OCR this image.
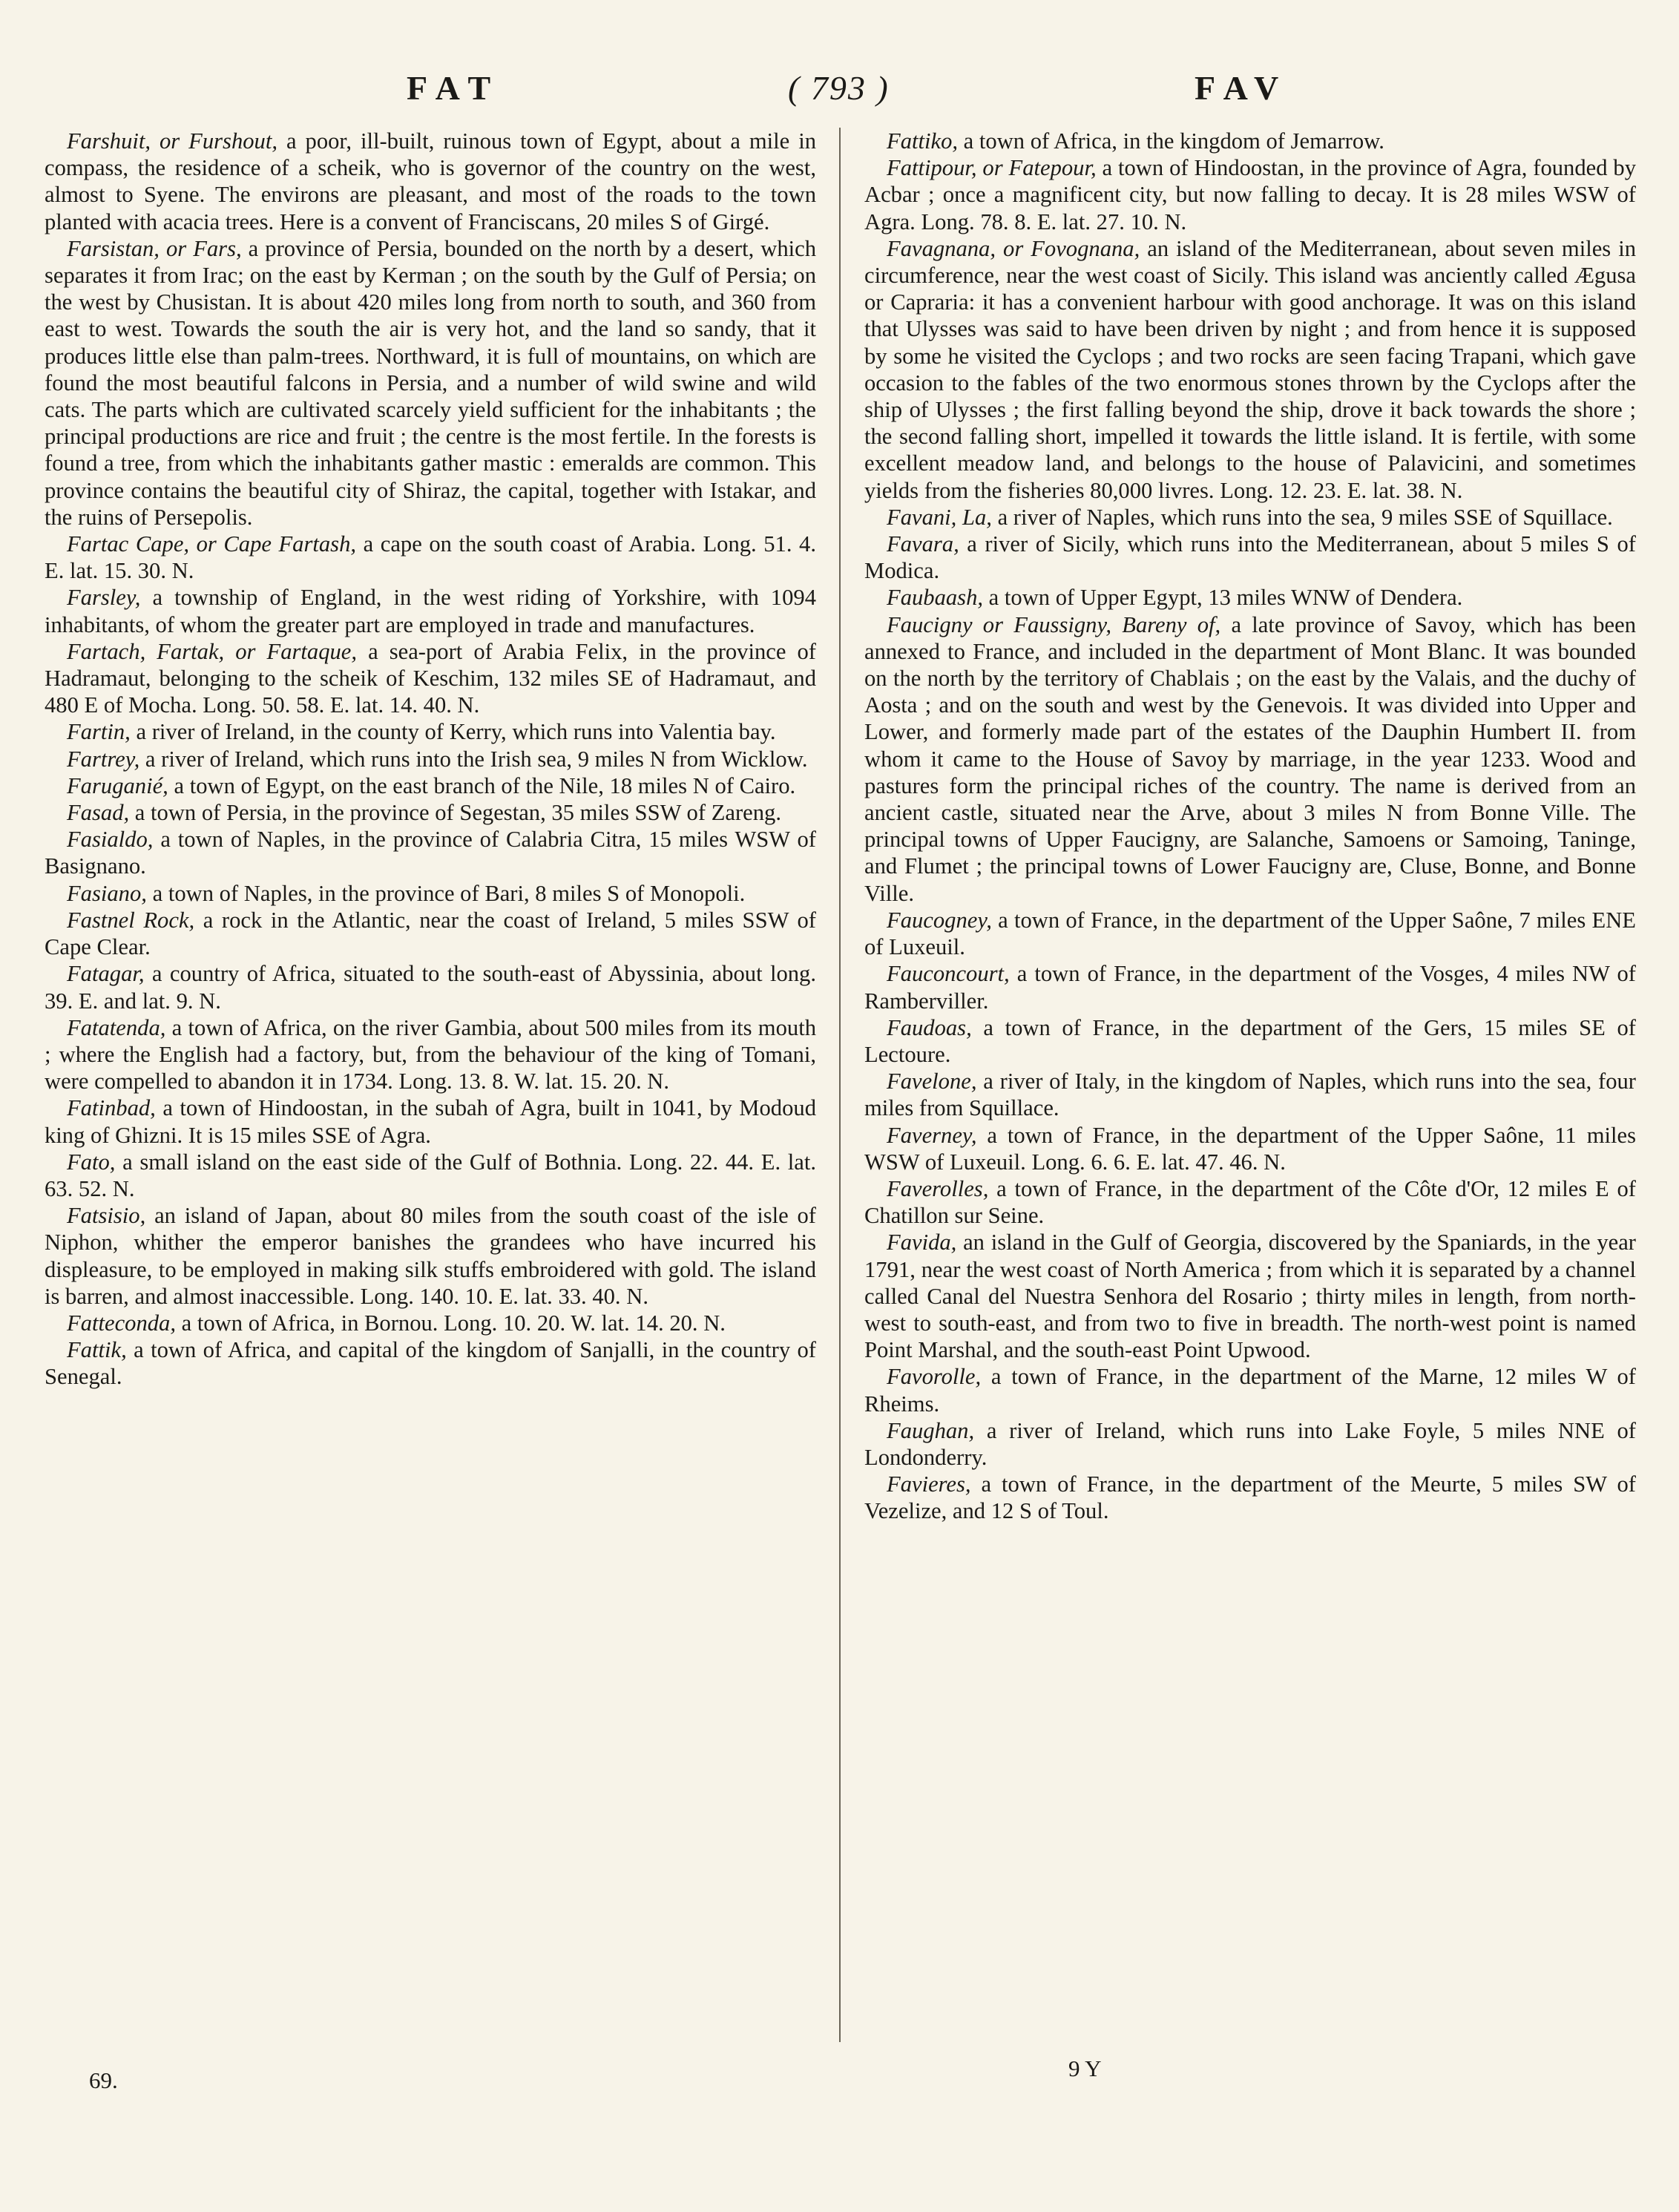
FAT	( 793 )	FAV

Farshuit, or Furshout, a poor, ill-built, ruinous town of Egypt, about a mile in compass, the residence of a scheik, who is governor of the country on the west, almost to Syene. The environs are pleasant, and most of the roads to the town planted with acacia trees. Here is a convent of Franciscans, 20 miles S of Girgé.

Farsistan, or Fars, a province of Persia, bounded on the north by a desert, which separates it from Irac; on the east by Kerman ; on the south by the Gulf of Persia; on the west by Chusistan. It is about 420 miles long from north to south, and 360 from east to west. Towards the south the air is very hot, and the land so sandy, that it produces little else than palm-trees. Northward, it is full of mountains, on which are found the most beautiful falcons in Persia, and a number of wild swine and wild cats. The parts which are cultivated scarcely yield sufficient for the inhabitants ; the principal productions are rice and fruit ; the centre is the most fertile. In the forests is found a tree, from which the inhabitants gather mastic : emeralds are common. This province contains the beautiful city of Shiraz, the capital, together with Istakar, and the ruins of Persepolis.

Fartac Cape, or Cape Fartash, a cape on the south coast of Arabia. Long. 51. 4. E. lat. 15. 30. N.

Farsley, a township of England, in the west riding of Yorkshire, with 1094 inhabitants, of whom the greater part are employed in trade and manufactures.

Fartach, Fartak, or Fartaque, a sea-port of Arabia Felix, in the province of Hadramaut, belonging to the scheik of Keschim, 132 miles SE of Hadramaut, and 480 E of Mocha. Long. 50. 58. E. lat. 14. 40. N.

Fartin, a river of Ireland, in the county of Kerry, which runs into Valentia bay.

Fartrey, a river of Ireland, which runs into the Irish sea, 9 miles N from Wicklow.

Faruganié, a town of Egypt, on the east branch of the Nile, 18 miles N of Cairo.

Fasad, a town of Persia, in the province of Segestan, 35 miles SSW of Zareng.

Fasialdo, a town of Naples, in the province of Calabria Citra, 15 miles WSW of Basignano.

Fasiano, a town of Naples, in the province of Bari, 8 miles S of Monopoli.

Fastnel Rock, a rock in the Atlantic, near the coast of Ireland, 5 miles SSW of Cape Clear.

Fatagar, a country of Africa, situated to the south-east of Abyssinia, about long. 39. E. and lat. 9. N.

Fatatenda, a town of Africa, on the river Gambia, about 500 miles from its mouth ; where the English had a factory, but, from the behaviour of the king of Tomani, were compelled to abandon it in 1734. Long. 13. 8. W. lat. 15. 20. N.

Fatinbad, a town of Hindoostan, in the subah of Agra, built in 1041, by Modoud king of Ghizni. It is 15 miles SSE of Agra.

Fato, a small island on the east side of the Gulf of Bothnia. Long. 22. 44. E. lat. 63. 52. N.

Fatsisio, an island of Japan, about 80 miles from the south coast of the isle of Niphon, whither the emperor banishes the grandees who have incurred his displeasure, to be employed in making silk stuffs embroidered with gold. The island is barren, and almost inaccessible. Long. 140. 10. E. lat. 33. 40. N.

Fatteconda, a town of Africa, in Bornou. Long. 10. 20. W. lat. 14. 20. N.

Fattik, a town of Africa, and capital of the kingdom of Sanjalli, in the country of Senegal.

Fattiko, a town of Africa, in the kingdom of Jemarrow.

Fattipour, or Fatepour, a town of Hindoostan, in the province of Agra, founded by Acbar ; once a magnificent city, but now falling to decay. It is 28 miles WSW of Agra. Long. 78. 8. E. lat. 27. 10. N.

Favagnana, or Fovognana, an island of the Mediterranean, about seven miles in circumference, near the west coast of Sicily. This island was anciently called Ægusa or Capraria: it has a convenient harbour with good anchorage. It was on this island that Ulysses was said to have been driven by night ; and from hence it is supposed by some he visited the Cyclops ; and two rocks are seen facing Trapani, which gave occasion to the fables of the two enormous stones thrown by the Cyclops after the ship of Ulysses ; the first falling beyond the ship, drove it back towards the shore ; the second falling short, impelled it towards the little island. It is fertile, with some excellent meadow land, and belongs to the house of Palavicini, and sometimes yields from the fisheries 80,000 livres. Long. 12. 23. E. lat. 38. N.

Favani, La, a river of Naples, which runs into the sea, 9 miles SSE of Squillace.

Favara, a river of Sicily, which runs into the Mediterranean, about 5 miles S of Modica.

Faubaash, a town of Upper Egypt, 13 miles WNW of Dendera.

Faucigny or Faussigny, Bareny of, a late province of Savoy, which has been annexed to France, and included in the department of Mont Blanc. It was bounded on the north by the territory of Chablais ; on the east by the Valais, and the duchy of Aosta ; and on the south and west by the Genevois. It was divided into Upper and Lower, and formerly made part of the estates of the Dauphin Humbert II. from whom it came to the House of Savoy by marriage, in the year 1233. Wood and pastures form the principal riches of the country. The name is derived from an ancient castle, situated near the Arve, about 3 miles N from Bonne Ville. The principal towns of Upper Faucigny, are Salanche, Samoens or Samoing, Taninge, and Flumet ; the principal towns of Lower Faucigny are, Cluse, Bonne, and Bonne Ville.

Faucogney, a town of France, in the department of the Upper Saône, 7 miles ENE of Luxeuil.

Fauconcourt, a town of France, in the department of the Vosges, 4 miles NW of Ramberviller.

Faudoas, a town of France, in the department of the Gers, 15 miles SE of Lectoure.

Favelone, a river of Italy, in the kingdom of Naples, which runs into the sea, four miles from Squillace.

Faverney, a town of France, in the department of the Upper Saône, 11 miles WSW of Luxeuil. Long. 6. 6. E. lat. 47. 46. N.

Faverolles, a town of France, in the department of the Côte d'Or, 12 miles E of Chatillon sur Seine.

Favida, an island in the Gulf of Georgia, discovered by the Spaniards, in the year 1791, near the west coast of North America ; from which it is separated by a channel called Canal del Nuestra Senhora del Rosario ; thirty miles in length, from north-west to south-east, and from two to five in breadth. The north-west point is named Point Marshal, and the south-east Point Upwood.

Favorolle, a town of France, in the department of the Marne, 12 miles W of Rheims.

Faughan, a river of Ireland, which runs into Lake Foyle, 5 miles NNE of Londonderry.

Favieres, a town of France, in the department of the Meurte, 5 miles SW of Vezelize, and 12 S of Toul.

69.	9 Y
